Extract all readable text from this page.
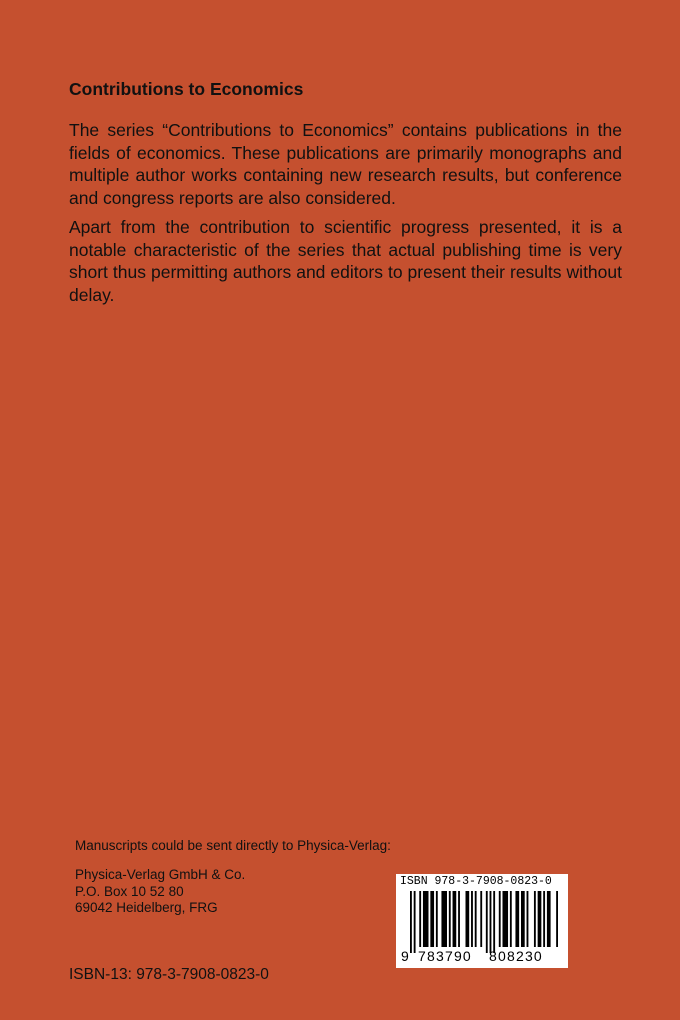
Contributions to Economics

The series “Contributions to Economics” contains publications in the fields of economics. These publications are primarily monographs and multiple author works containing new research results, but conference and congress reports are also considered.

Apart from the contribution to scientific progress presented, it is a notable characteristic of the series that actual publishing time is very short thus permitting authors and editors to present their results without delay.

Manuscripts could be sent directly to Physica-Verlag:

Physica-Verlag GmbH & Co.
P.O. Box 10 52 80
69042 Heidelberg, FRG
ISBN 978-3-7908-0823-0
9 783790 808230

ISBN-13: 978-3-7908-0823-0
